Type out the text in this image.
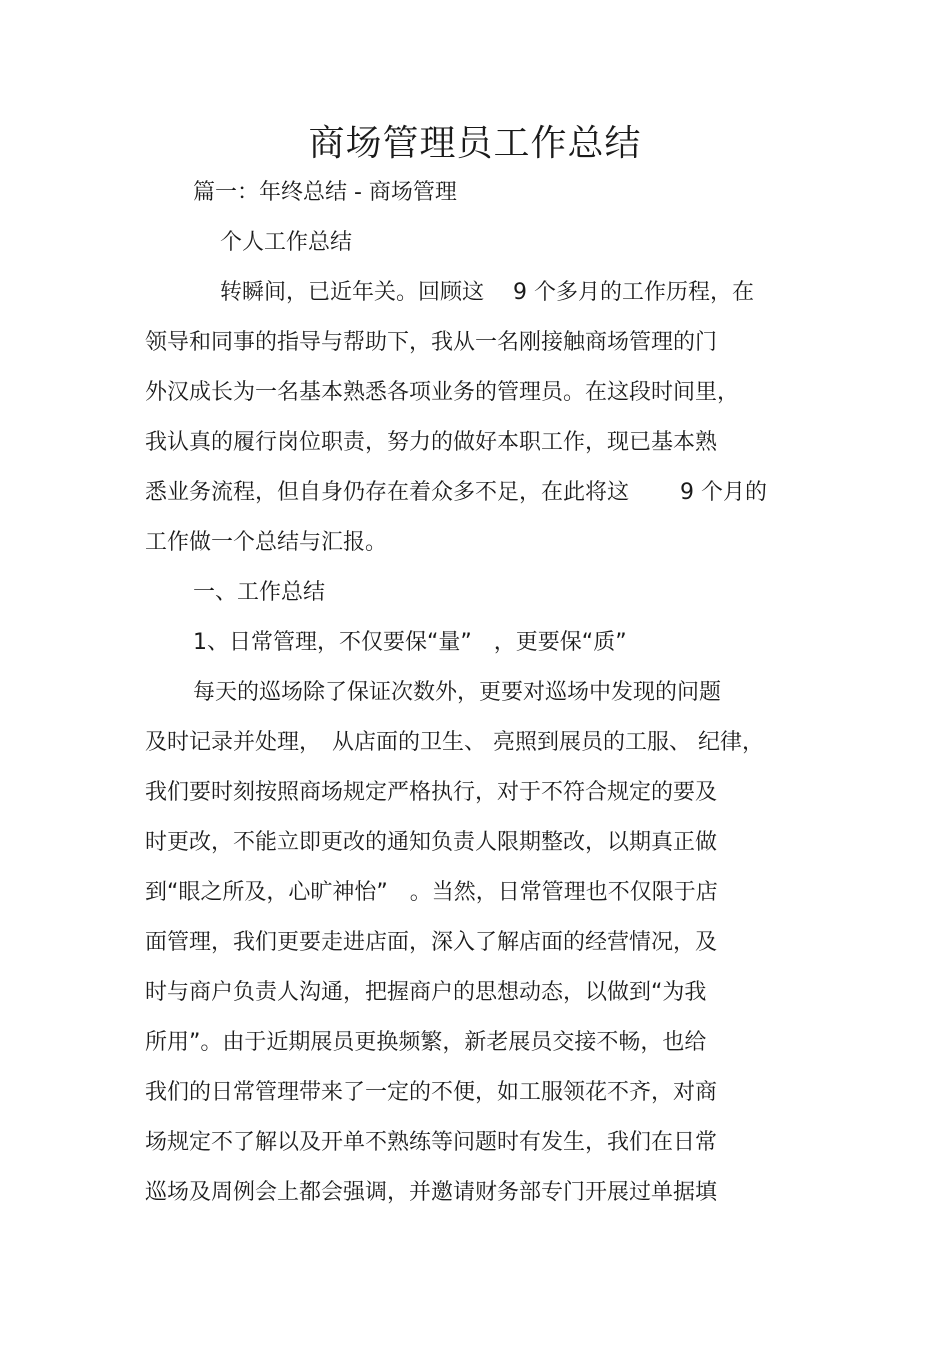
商场管理员工作总结
篇一：年终总结 - 商场管理
个人工作总结
转瞬间，已近年关。回顾这　 9 个多月的工作历程，在
领导和同事的指导与帮助下，我从一名刚接触商场管理的门
外汉成长为一名基本熟悉各项业务的管理员。在这段时间里，
我认真的履行岗位职责，努力的做好本职工作，现已基本熟
悉业务流程，但自身仍存在着众多不足，在此将这　　 9 个月的
工作做一个总结与汇报。
一、工作总结
1、日常管理，不仅要保“量”　，更要保“质”
每天的巡场除了保证次数外，更要对巡场中发现的问题
及时记录并处理，　从店面的卫生、 亮照到展员的工服、 纪律，
我们要时刻按照商场规定严格执行，对于不符合规定的要及
时更改，不能立即更改的通知负责人限期整改，以期真正做
到“眼之所及，心旷神怡”　。当然，日常管理也不仅限于店
面管理，我们更要走进店面，深入了解店面的经营情况，及
时与商户负责人沟通，把握商户的思想动态，以做到“为我
所用”。由于近期展员更换频繁，新老展员交接不畅，也给
我们的日常管理带来了一定的不便，如工服领花不齐，对商
场规定不了解以及开单不熟练等问题时有发生，我们在日常
巡场及周例会上都会强调，并邀请财务部专门开展过单据填
